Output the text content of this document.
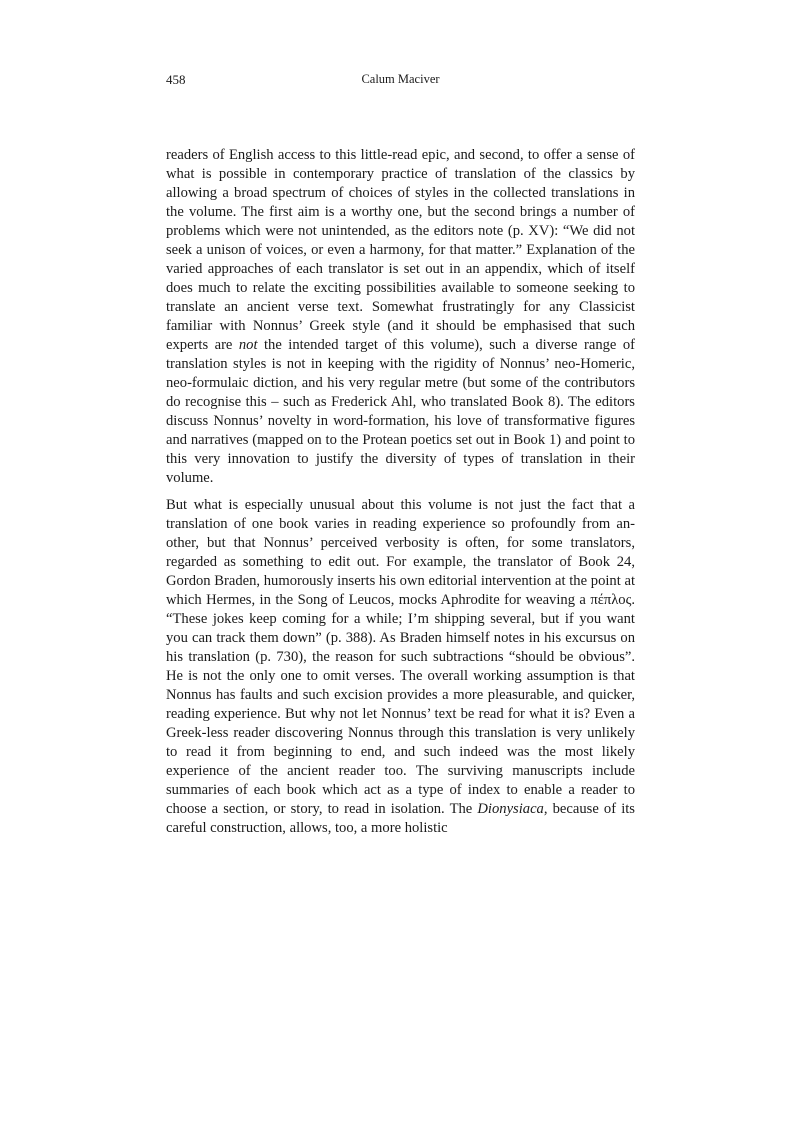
458	Calum Maciver

readers of English access to this little-read epic, and second, to offer a sense of what is possible in contemporary practice of translation of the classics by allowing a broad spectrum of choices of styles in the collected translations in the volume. The first aim is a worthy one, but the second brings a number of problems which were not unintended, as the editors note (p. XV): “We did not seek a unison of voices, or even a harmony, for that matter.” Explanation of the varied approaches of each translator is set out in an appendix, which of itself does much to relate the exciting possibilities available to someone seeking to translate an ancient verse text. Somewhat frustratingly for any Classicist familiar with Nonnus’ Greek style (and it should be emphasised that such experts are not the intended target of this volume), such a diverse range of translation styles is not in keeping with the rigidity of Nonnus’ neo-Homeric, neo-formulaic diction, and his very regular metre (but some of the contributors do recognise this – such as Frederick Ahl, who translated Book 8). The editors discuss Nonnus’ novelty in word-formation, his love of transformative figures and narratives (mapped on to the Protean poetics set out in Book 1) and point to this very innovation to justify the diversity of types of translation in their volume.

But what is especially unusual about this volume is not just the fact that a translation of one book varies in reading experience so profoundly from another, but that Nonnus’ perceived verbosity is often, for some translators, regarded as something to edit out. For example, the translator of Book 24, Gordon Braden, humorously inserts his own editorial intervention at the point at which Hermes, in the Song of Leucos, mocks Aphrodite for weaving a πέπλος. “These jokes keep coming for a while; I’m shipping several, but if you want you can track them down” (p. 388). As Braden himself notes in his excursus on his translation (p. 730), the reason for such subtractions “should be obvious”. He is not the only one to omit verses. The overall working assumption is that Nonnus has faults and such excision provides a more pleasurable, and quicker, reading experience. But why not let Nonnus’ text be read for what it is? Even a Greek-less reader discovering Nonnus through this translation is very unlikely to read it from beginning to end, and such indeed was the most likely experience of the ancient reader too. The surviving manuscripts include summaries of each book which act as a type of index to enable a reader to choose a section, or story, to read in isolation. The Dionysiaca, because of its careful construction, allows, too, a more holistic
